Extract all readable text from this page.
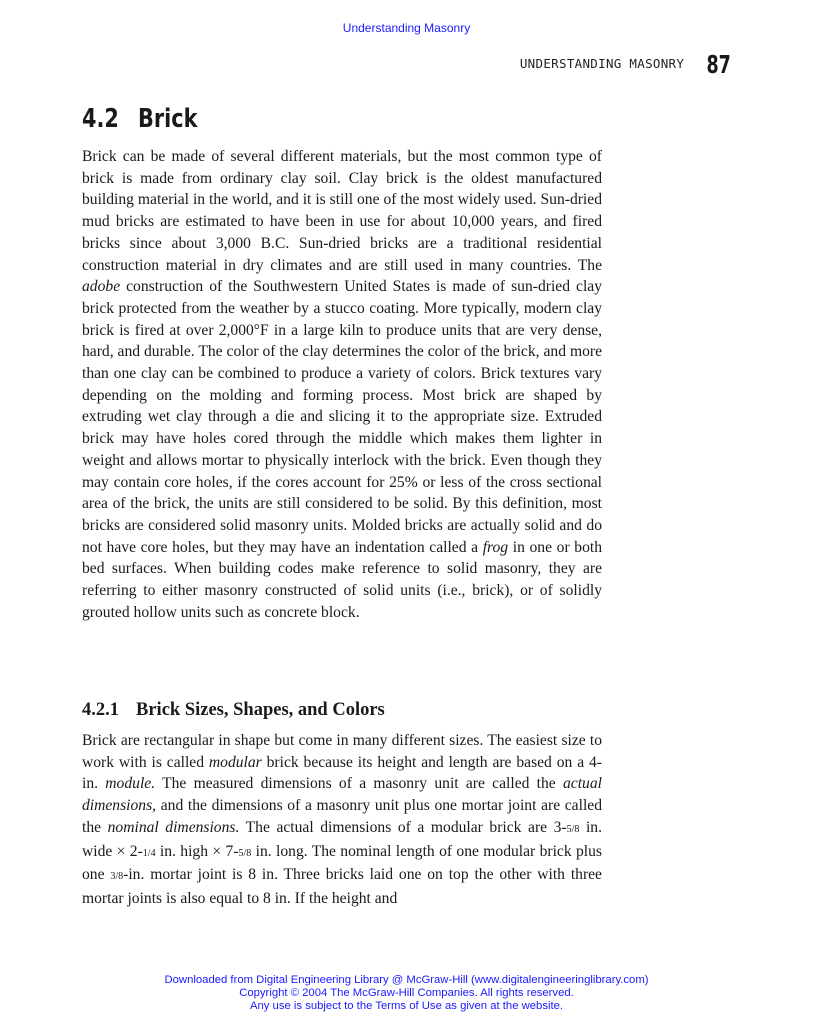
Understanding Masonry
UNDERSTANDING MASONRY 87
4.2 Brick

Brick can be made of several different materials, but the most common type of brick is made from ordinary clay soil. Clay brick is the oldest manufactured building material in the world, and it is still one of the most widely used. Sun-dried mud bricks are estimated to have been in use for about 10,000 years, and fired bricks since about 3,000 B.C. Sun-dried bricks are a traditional residential construction material in dry climates and are still used in many countries. The adobe construction of the Southwestern United States is made of sun-dried clay brick protected from the weather by a stucco coating. More typically, modern clay brick is fired at over 2,000°F in a large kiln to produce units that are very dense, hard, and durable. The color of the clay determines the color of the brick, and more than one clay can be combined to produce a variety of colors. Brick textures vary depending on the molding and forming process. Most brick are shaped by extruding wet clay through a die and slicing it to the appropriate size. Extruded brick may have holes cored through the middle which makes them lighter in weight and allows mortar to physically interlock with the brick. Even though they may contain core holes, if the cores account for 25% or less of the cross sectional area of the brick, the units are still considered to be solid. By this definition, most bricks are considered solid masonry units. Molded bricks are actually solid and do not have core holes, but they may have an indentation called a frog in one or both bed surfaces. When building codes make reference to solid masonry, they are referring to either masonry constructed of solid units (i.e., brick), or of solidly grouted hollow units such as concrete block.

4.2.1 Brick Sizes, Shapes, and Colors

Brick are rectangular in shape but come in many different sizes. The easiest size to work with is called modular brick because its height and length are based on a 4-in. module. The measured dimensions of a masonry unit are called the actual dimensions, and the dimensions of a masonry unit plus one mortar joint are called the nominal dimensions. The actual dimensions of a modular brick are 3-5/8 in. wide × 2-1/4 in. high × 7-5/8 in. long. The nominal length of one modular brick plus one 3/8-in. mortar joint is 8 in. Three bricks laid one on top the other with three mortar joints is also equal to 8 in. If the height and

Downloaded from Digital Engineering Library @ McGraw-Hill (www.digitalengineeringlibrary.com)
Copyright © 2004 The McGraw-Hill Companies. All rights reserved.
Any use is subject to the Terms of Use as given at the website.
